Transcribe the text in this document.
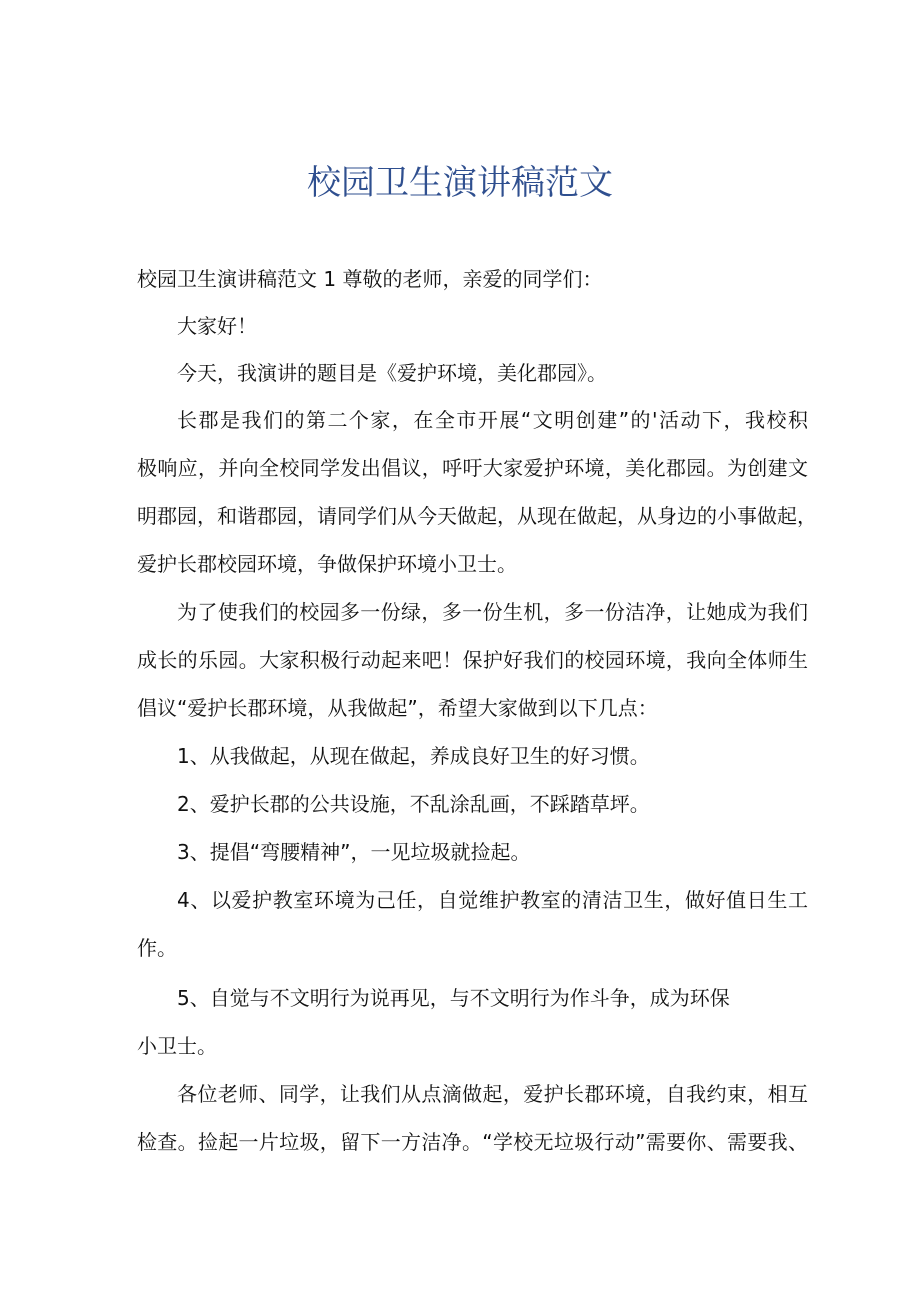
校园卫生演讲稿范文
校园卫生演讲稿范文 1 尊敬的老师，亲爱的同学们：
大家好！
今天，我演讲的题目是《爱护环境，美化郡园》。
长郡是我们的第二个家，在全市开展“文明创建”的'活动下，我校积
极响应，并向全校同学发出倡议，呼吁大家爱护环境，美化郡园。为创建文
明郡园，和谐郡园，请同学们从今天做起，从现在做起，从身边的小事做起，
爱护长郡校园环境，争做保护环境小卫士。
为了使我们的校园多一份绿，多一份生机，多一份洁净，让她成为我们
成长的乐园。大家积极行动起来吧！保护好我们的校园环境，我向全体师生
倡议“爱护长郡环境，从我做起”，希望大家做到以下几点：
1、从我做起，从现在做起，养成良好卫生的好习惯。
2、爱护长郡的公共设施，不乱涂乱画，不踩踏草坪。
3、提倡“弯腰精神”，一见垃圾就捡起。
4、以爱护教室环境为己任，自觉维护教室的清洁卫生，做好值日生工
作。
5、自觉与不文明行为说再见，与不文明行为作斗争，成为环保
小卫士。
各位老师、同学，让我们从点滴做起，爱护长郡环境，自我约束，相互
检查。捡起一片垃圾，留下一方洁净。“学校无垃圾行动”需要你、需要我、
